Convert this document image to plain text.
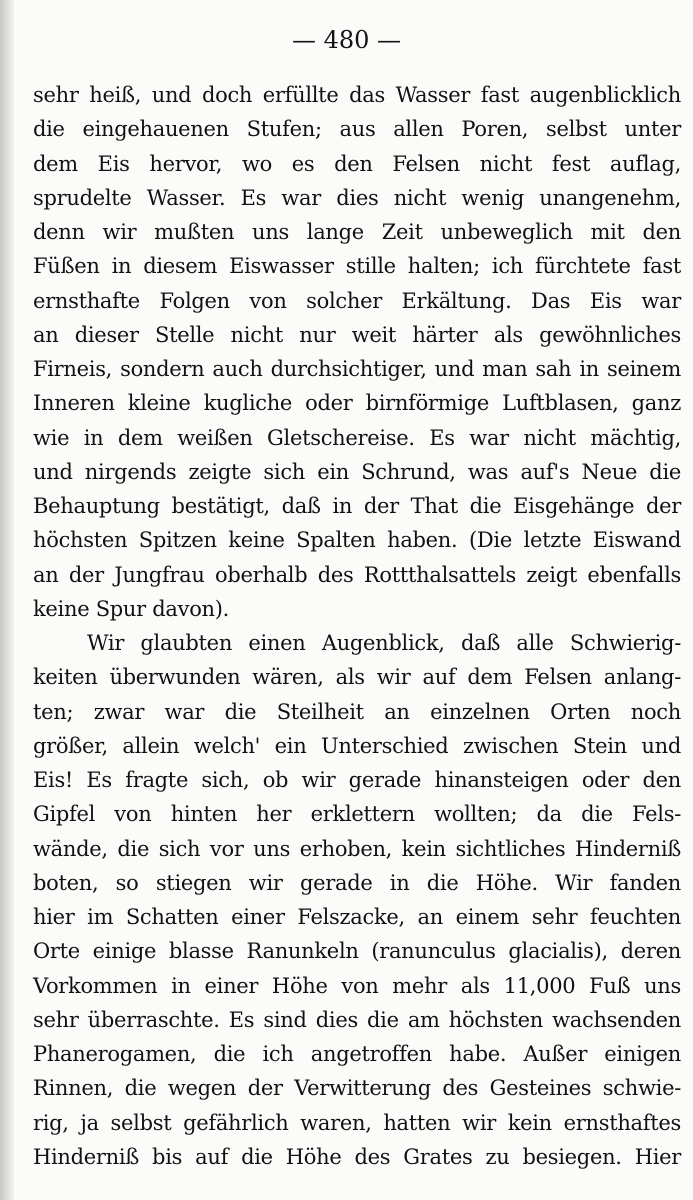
— 480 —

sehr heiß, und doch erfüllte das Wasser fast augenblicklich
die eingehauenen Stufen; aus allen Poren, selbst unter
dem Eis hervor, wo es den Felsen nicht fest auflag,
sprudelte Wasser. Es war dies nicht wenig unangenehm,
denn wir mußten uns lange Zeit unbeweglich mit den
Füßen in diesem Eiswasser stille halten; ich fürchtete fast
ernsthafte Folgen von solcher Erkältung. Das Eis war
an dieser Stelle nicht nur weit härter als gewöhnliches
Firneis, sondern auch durchsichtiger, und man sah in seinem
Inneren kleine kugliche oder birnförmige Luftblasen, ganz
wie in dem weißen Gletschereise. Es war nicht mächtig,
und nirgends zeigte sich ein Schrund, was auf's Neue die
Behauptung bestätigt, daß in der That die Eisgehänge der
höchsten Spitzen keine Spalten haben. (Die letzte Eiswand
an der Jungfrau oberhalb des Rottthalsattels zeigt ebenfalls
keine Spur davon).
Wir glaubten einen Augenblick, daß alle Schwierig-
keiten überwunden wären, als wir auf dem Felsen anlang-
ten; zwar war die Steilheit an einzelnen Orten noch
größer, allein welch' ein Unterschied zwischen Stein und
Eis! Es fragte sich, ob wir gerade hinansteigen oder den
Gipfel von hinten her erklettern wollten; da die Fels-
wände, die sich vor uns erhoben, kein sichtliches Hinderniß
boten, so stiegen wir gerade in die Höhe. Wir fanden
hier im Schatten einer Felszacke, an einem sehr feuchten
Orte einige blasse Ranunkeln (ranunculus glacialis), deren
Vorkommen in einer Höhe von mehr als 11,000 Fuß uns
sehr überraschte. Es sind dies die am höchsten wachsenden
Phanerogamen, die ich angetroffen habe. Außer einigen
Rinnen, die wegen der Verwitterung des Gesteines schwie-
rig, ja selbst gefährlich waren, hatten wir kein ernsthaftes
Hinderniß bis auf die Höhe des Grates zu besiegen. Hier
